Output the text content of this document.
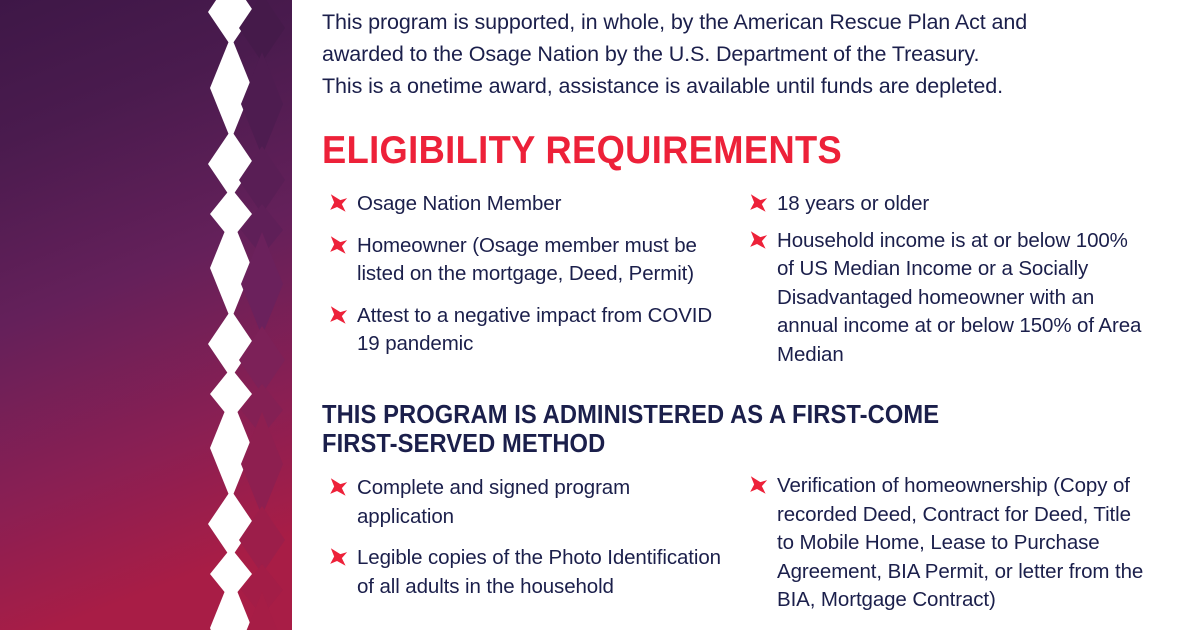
This program is supported, in whole, by the American Rescue Plan Act and

awarded to the Osage Nation by the U.S. Department of the Treasury.

This is a onetime award, assistance is available until funds are depleted.

ELIGIBILITY REQUIREMENTS
Osage Nation Member
Homeowner (Osage member must be listed on the mortgage, Deed, Permit)
Attest to a negative impact from COVID 19 pandemic
18 years or older
Household income is at or below 100% of US Median Income or a Socially Disadvantaged homeowner with an annual income at or below 150% of Area Median
THIS PROGRAM IS ADMINISTERED AS A FIRST-COME
FIRST-SERVED METHOD
Complete and signed program application
Legible copies of the Photo Identification of all adults in the household
Verification of homeownership (Copy of recorded Deed, Contract for Deed, Title to Mobile Home, Lease to Purchase Agreement, BIA Permit, or letter from the BIA, Mortgage Contract)
